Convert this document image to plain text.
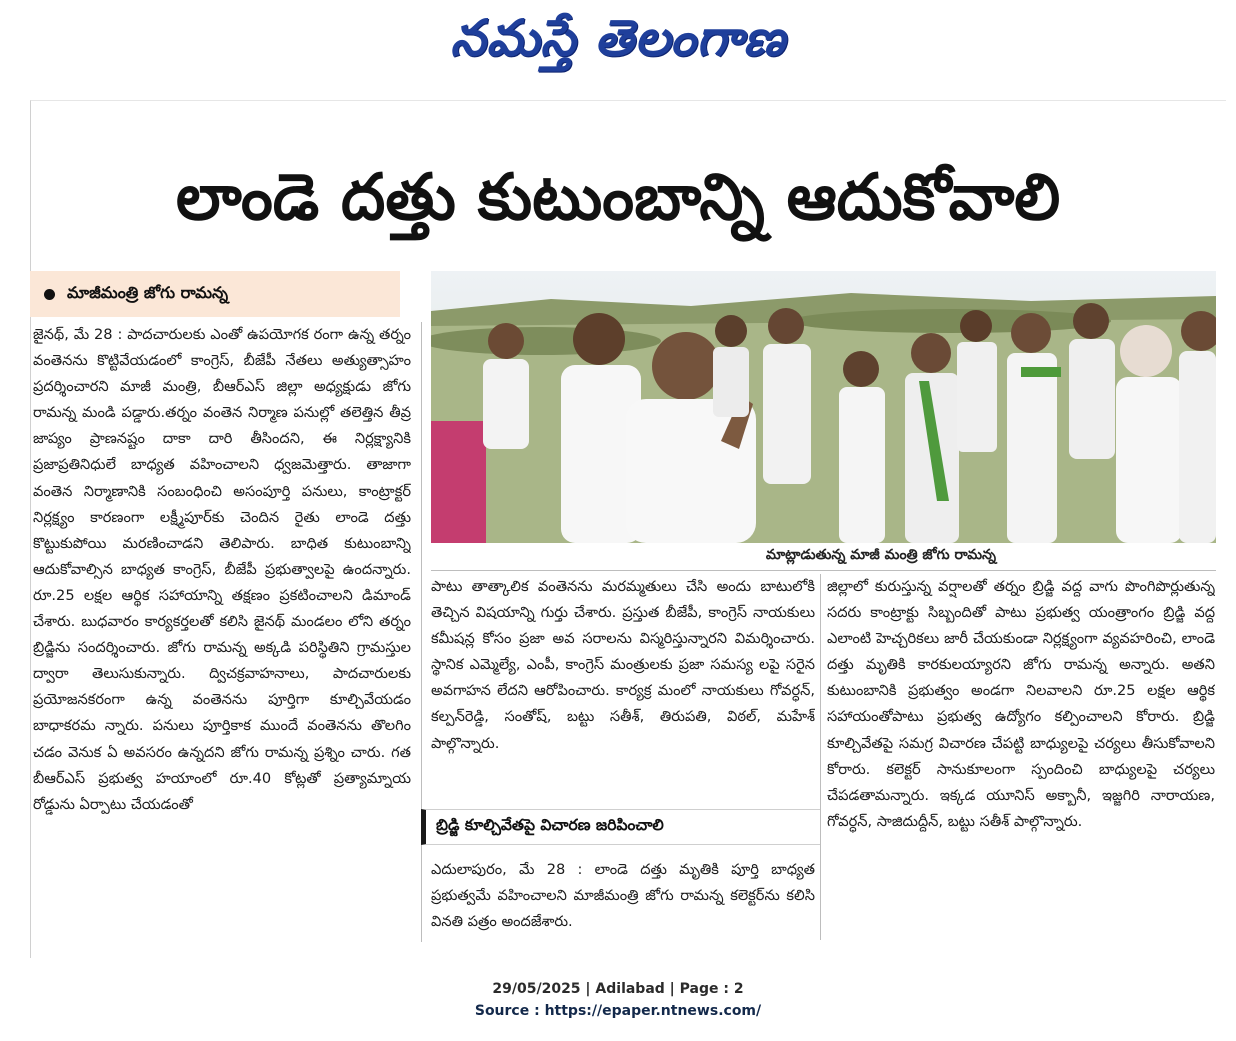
నమస్తే తెలంగాణ
లాండె దత్తు కుటుంబాన్ని ఆదుకోవాలి
మాజీమంత్రి జోగు రామన్న

జైనథ్‌, మే 28 : పాదచారులకు ఎంతో ఉపయోగక రంగా ఉన్న తర్నం వంతెనను కొట్టివేయడంలో కాంగ్రెస్‌, బీజేపీ నేతలు అత్యుత్సాహం ప్రదర్శించారని మాజీ మంత్రి, బీఆర్‌ఎస్‌ జిల్లా అధ్యక్షుడు జోగు రామన్న మండి పడ్డారు.తర్నం వంతెన నిర్మాణ పనుల్లో తలెత్తిన తీవ్ర జాప్యం ప్రాణనష్టం దాకా దారి తీసిందని, ఈ నిర్లక్ష్యానికి ప్రజాప్రతినిధులే బాధ్యత వహించాలని ధ్వజమెత్తారు. తాజాగా వంతెన నిర్మాణానికి సంబంధించి అసంపూర్తి పనులు, కాంట్రాక్టర్‌ నిర్లక్ష్యం కారణంగా లక్ష్మీపూర్‌కు చెందిన రైతు లాండె దత్తు కొట్టుకుపోయి మరణించాడని తెలిపారు. బాధిత కుటుంబాన్ని ఆదుకోవాల్సిన బాధ్యత కాంగ్రెస్‌, బీజేపీ ప్రభుత్వాలపై ఉందన్నారు. రూ.25 లక్షల ఆర్థిక సహాయాన్ని తక్షణం ప్రకటించాలని డిమాండ్‌ చేశారు. బుధవారం కార్యకర్తలతో కలిసి జైనథ్‌ మండలం లోని తర్నం బ్రిడ్జిను సందర్శించారు. జోగు రామన్న అక్కడి పరిస్థితిని గ్రామస్తుల ద్వారా తెలుసుకున్నారు. ద్విచక్రవాహనాలు, పాదచారులకు ప్రయోజనకరంగా ఉన్న వంతెనను పూర్తిగా కూల్చివేయడం బాధాకరమ న్నారు. పనులు పూర్తికాక ముందే వంతెనను తొలగిం చడం వెనుక ఏ అవసరం ఉన్నదని జోగు రామన్న ప్రశ్నిం చారు. గత బీఆర్‌ఎస్‌ ప్రభుత్వ హయాంలో రూ.40 కోట్లతో ప్రత్యామ్నాయ రోడ్డును ఏర్పాటు చేయడంతో

మాట్లాడుతున్న మాజీ మంత్రి జోగు రామన్న

పాటు తాత్కాలిక వంతెనను మరమ్మతులు చేసి అందు బాటులోకి తెచ్చిన విషయాన్ని గుర్తు చేశారు. ప్రస్తుత బీజేపీ, కాంగ్రెస్‌ నాయకులు కమీషన్ల కోసం ప్రజా అవ సరాలను విస్మరిస్తున్నారని విమర్శించారు. స్థానిక ఎమ్మెల్యే, ఎంపీ, కాంగ్రెస్‌ మంత్రులకు ప్రజా సమస్య లపై సరైన అవగాహన లేదని ఆరోపించారు. కార్యక్ర మంలో నాయకులు గోవర్ధన్‌, కల్పన్‌రెడ్డి, సంతోష్‌, బట్టు సతీశ్‌, తిరుపతి, విఠల్‌, మహేశ్‌ పాల్గొన్నారు.

బ్రిడ్జి కూల్చివేతపై విచారణ జరిపించాలి

ఎదులాపురం, మే 28 : లాండె దత్తు మృతికి పూర్తి బాధ్యత ప్రభుత్వమే వహించాలని మాజీమంత్రి జోగు రామన్న కలెక్టర్‌ను కలిసి వినతి పత్రం అందజేశారు.

జిల్లాలో కురుస్తున్న వర్షాలతో తర్నం బ్రిడ్జి వద్ద వాగు పొంగిపొర్లుతున్న సదరు కాంట్రాక్టు సిబ్బందితో పాటు ప్రభుత్వ యంత్రాంగం బ్రిడ్జి వద్ద ఎలాంటి హెచ్చరికలు జారీ చేయకుండా నిర్లక్ష్యంగా వ్యవహరించి, లాండె దత్తు మృతికి కారకులయ్యారని జోగు రామన్న అన్నారు. అతని కుటుంబానికి ప్రభుత్వం అండగా నిలవాలని రూ.25 లక్షల ఆర్థిక సహాయంతోపాటు ప్రభుత్వ ఉద్యోగం కల్పించాలని కోరారు. బ్రిడ్జి కూల్చివేతపై సమగ్ర విచారణ చేపట్టి బాధ్యులపై చర్యలు తీసుకోవాలని కోరారు. కలెక్టర్‌ సానుకూలంగా స్పందించి బాధ్యులపై చర్యలు చేపడతామన్నారు. ఇక్కడ యూనిస్‌ అక్బానీ, ఇజ్జగిరి నారాయణ, గోవర్ధన్‌, సాజిదుద్దీన్‌, బట్టు సతీశ్‌ పాల్గొన్నారు.

29/05/2025 | Adilabad | Page : 2
Source : https://epaper.ntnews.com/
